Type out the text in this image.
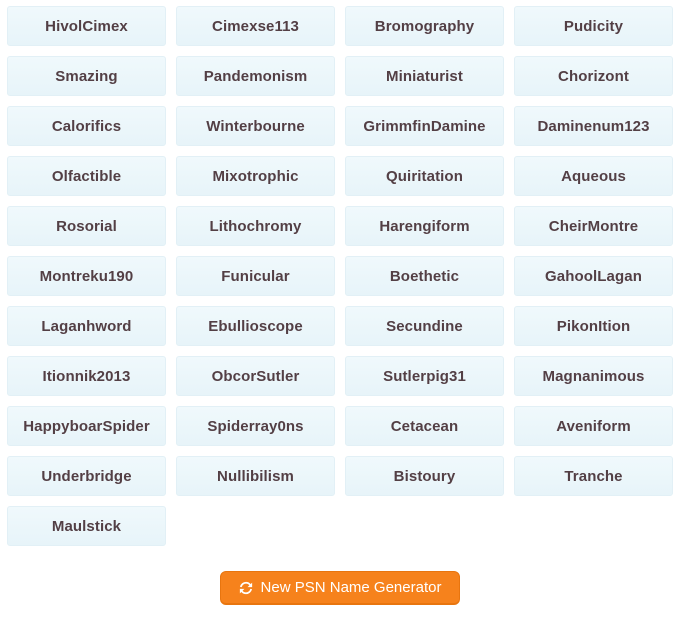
HivolCimex	Cimexse113	Bromography	Pudicity
Smazing	Pandemonism	Miniaturist	Chorizont
Calorifics	Winterbourne	GrimmfinDamine	Daminenum123
Olfactible	Mixotrophic	Quiritation	Aqueous
Rosorial	Lithochromy	Harengiform	CheirMontre
Montreku190	Funicular	Boethetic	GahoolLagan
Laganhword	Ebullioscope	Secundine	PikonItion
Itionnik2013	ObcorSutler	Sutlerpig31	Magnanimous
HappyboarSpider	Spiderray0ns	Cetacean	Aveniform
Underbridge	Nullibilism	Bistoury	Tranche
Maulstick
New PSN Name Generator
